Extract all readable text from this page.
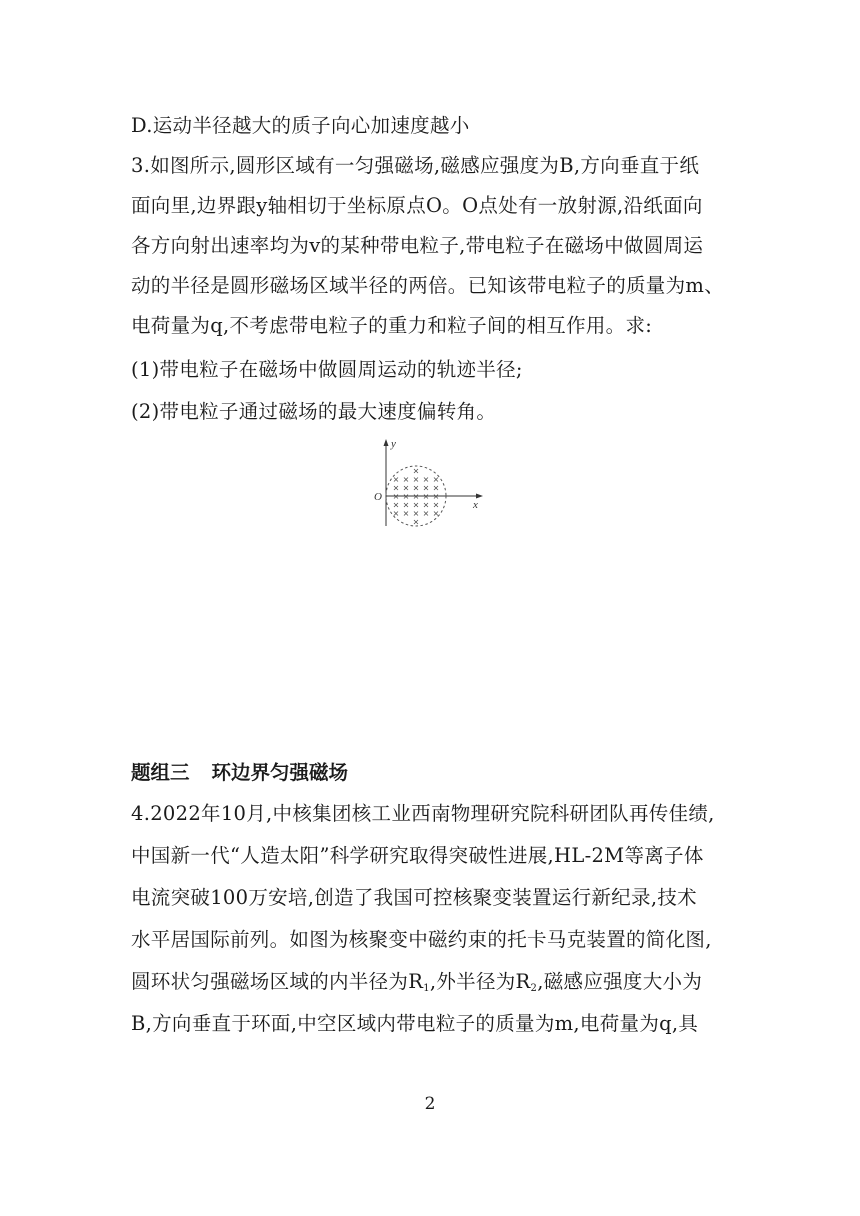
D.运动半径越大的质子向心加速度越小
3.如图所示,圆形区域有一匀强磁场,磁感应强度为B,方向垂直于纸
面向里,边界跟y轴相切于坐标原点O。O点处有一放射源,沿纸面向
各方向射出速率均为v的某种带电粒子,带电粒子在磁场中做圆周运
动的半径是圆形磁场区域半径的两倍。已知该带电粒子的质量为m、
电荷量为q,不考虑带电粒子的重力和粒子间的相互作用。求:
(1)带电粒子在磁场中做圆周运动的轨迹半径;
(2)带电粒子通过磁场的最大速度偏转角。
y
x
O
×
× × × × ×
× × × × ×
× × × × ×
× × × × ×
× × × × ×
×
题组三 环边界匀强磁场
4.2022年10月,中核集团核工业西南物理研究院科研团队再传佳绩,
中国新一代“人造太阳”科学研究取得突破性进展,HL-2M等离子体
电流突破100万安培,创造了我国可控核聚变装置运行新纪录,技术
水平居国际前列。如图为核聚变中磁约束的托卡马克装置的简化图,
圆环状匀强磁场区域的内半径为$R_1$,外半径为$R_2$,磁感应强度大小为
B,方向垂直于环面,中空区域内带电粒子的质量为m,电荷量为q,具
2
